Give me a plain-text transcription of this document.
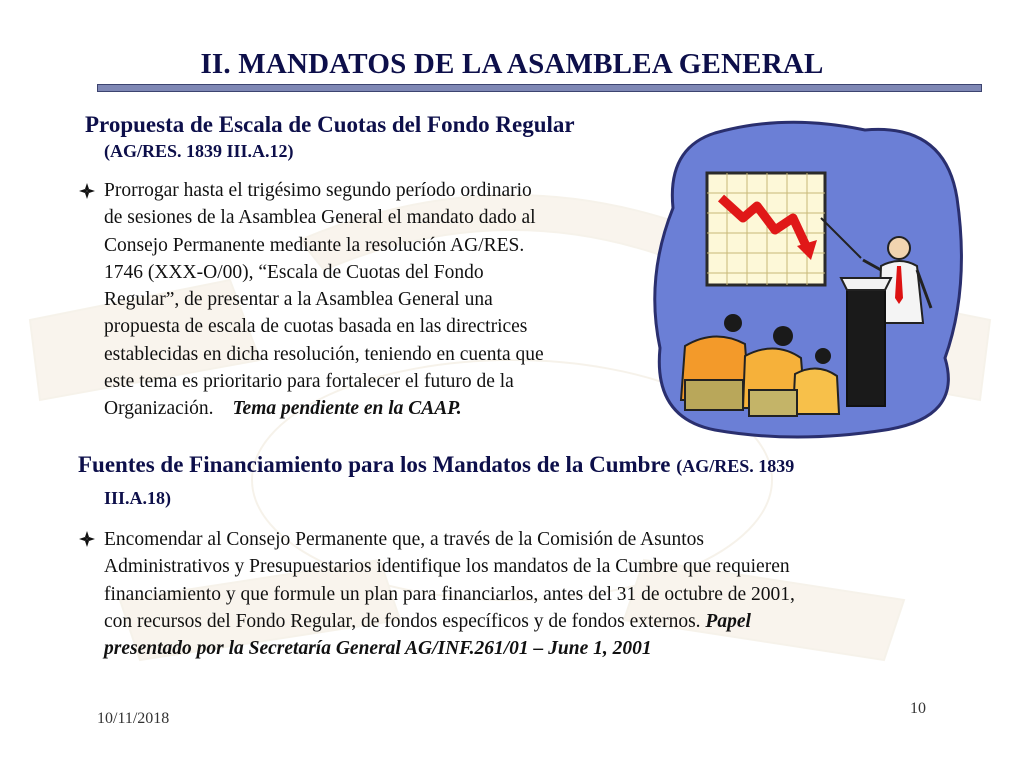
II. MANDATOS DE LA ASAMBLEA GENERAL
Propuesta de Escala de Cuotas del Fondo Regular
(AG/RES. 1839 III.A.12)
Prorrogar hasta el trigésimo segundo período ordinario
de sesiones de la Asamblea General el mandato dado al
Consejo Permanente mediante la resolución AG/RES.
1746 (XXX-O/00), “Escala de Cuotas del Fondo
Regular”, de presentar a la Asamblea General una
propuesta de escala de cuotas basada en las directrices
establecidas en dicha resolución, teniendo en cuenta que
este tema es prioritario para fortalecer el futuro de la
Organización. Tema pendiente en la CAAP.
Fuentes de Financiamiento para los Mandatos de la Cumbre (AG/RES. 1839
III.A.18)
Encomendar al Consejo Permanente que, a través de la Comisión de Asuntos
Administrativos y Presupuestarios identifique los mandatos de la Cumbre que requieren
financiamiento y que formule un plan para financiarlos, antes del 31 de octubre de 2001,
con recursos del Fondo Regular, de fondos específicos y de fondos externos. Papel
presentado por la Secretaría General AG/INF.261/01 – June 1, 2001
10/11/2018
10
